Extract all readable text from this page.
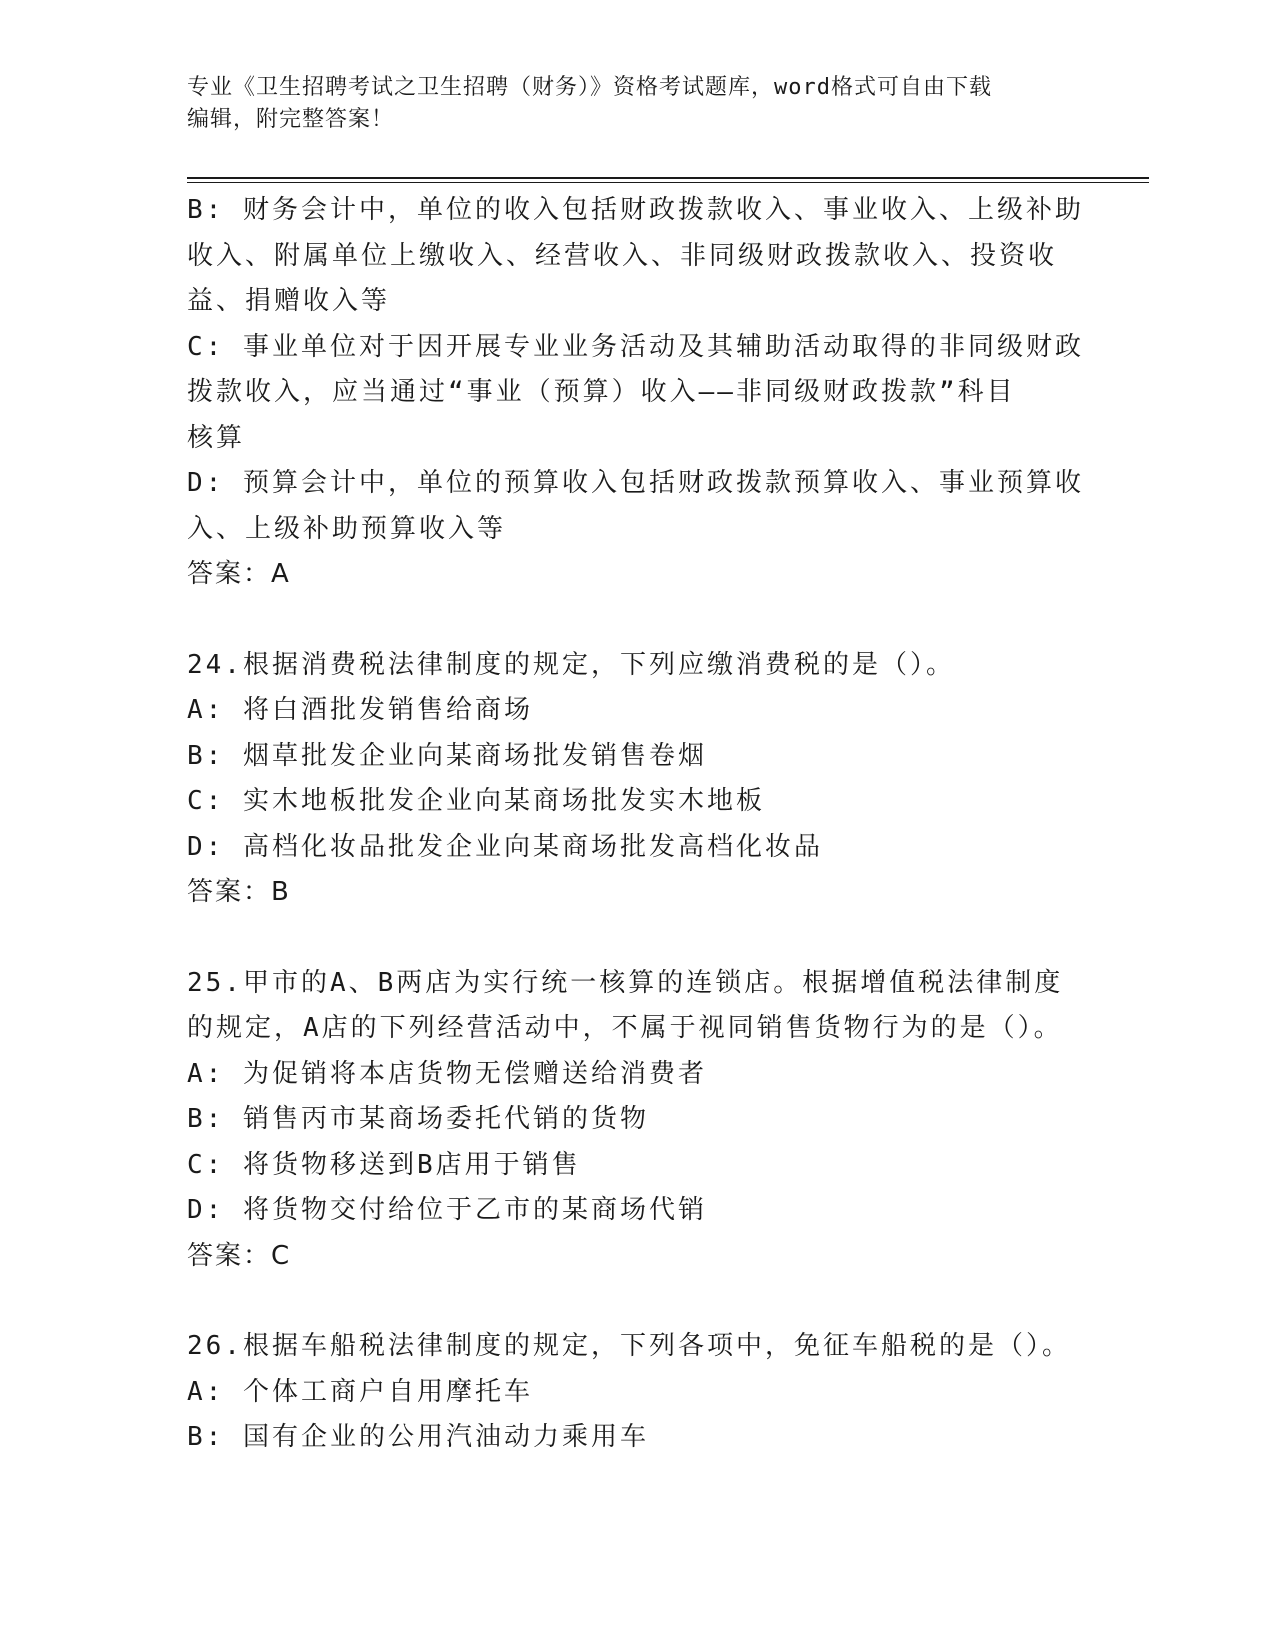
专业《卫生招聘考试之卫生招聘（财务）》资格考试题库，word格式可自由下载
编辑，附完整答案！
B: 财务会计中，单位的收入包括财政拨款收入、事业收入、上级补助
收入、附属单位上缴收入、经营收入、非同级财政拨款收入、投资收
益、捐赠收入等
C: 事业单位对于因开展专业业务活动及其辅助活动取得的非同级财政
拨款收入，应当通过“事业（预算）收入——非同级财政拨款”科目
核算
D: 预算会计中，单位的预算收入包括财政拨款预算收入、事业预算收
入、上级补助预算收入等
答案：A
24.根据消费税法律制度的规定，下列应缴消费税的是（）。
A: 将白酒批发销售给商场
B: 烟草批发企业向某商场批发销售卷烟
C: 实木地板批发企业向某商场批发实木地板
D: 高档化妆品批发企业向某商场批发高档化妆品
答案：B
25.甲市的A、B两店为实行统一核算的连锁店。根据增值税法律制度
的规定，A店的下列经营活动中，不属于视同销售货物行为的是（）。
A: 为促销将本店货物无偿赠送给消费者
B: 销售丙市某商场委托代销的货物
C: 将货物移送到B店用于销售
D: 将货物交付给位于乙市的某商场代销
答案：C
26.根据车船税法律制度的规定，下列各项中，免征车船税的是（）。
A: 个体工商户自用摩托车
B: 国有企业的公用汽油动力乘用车
